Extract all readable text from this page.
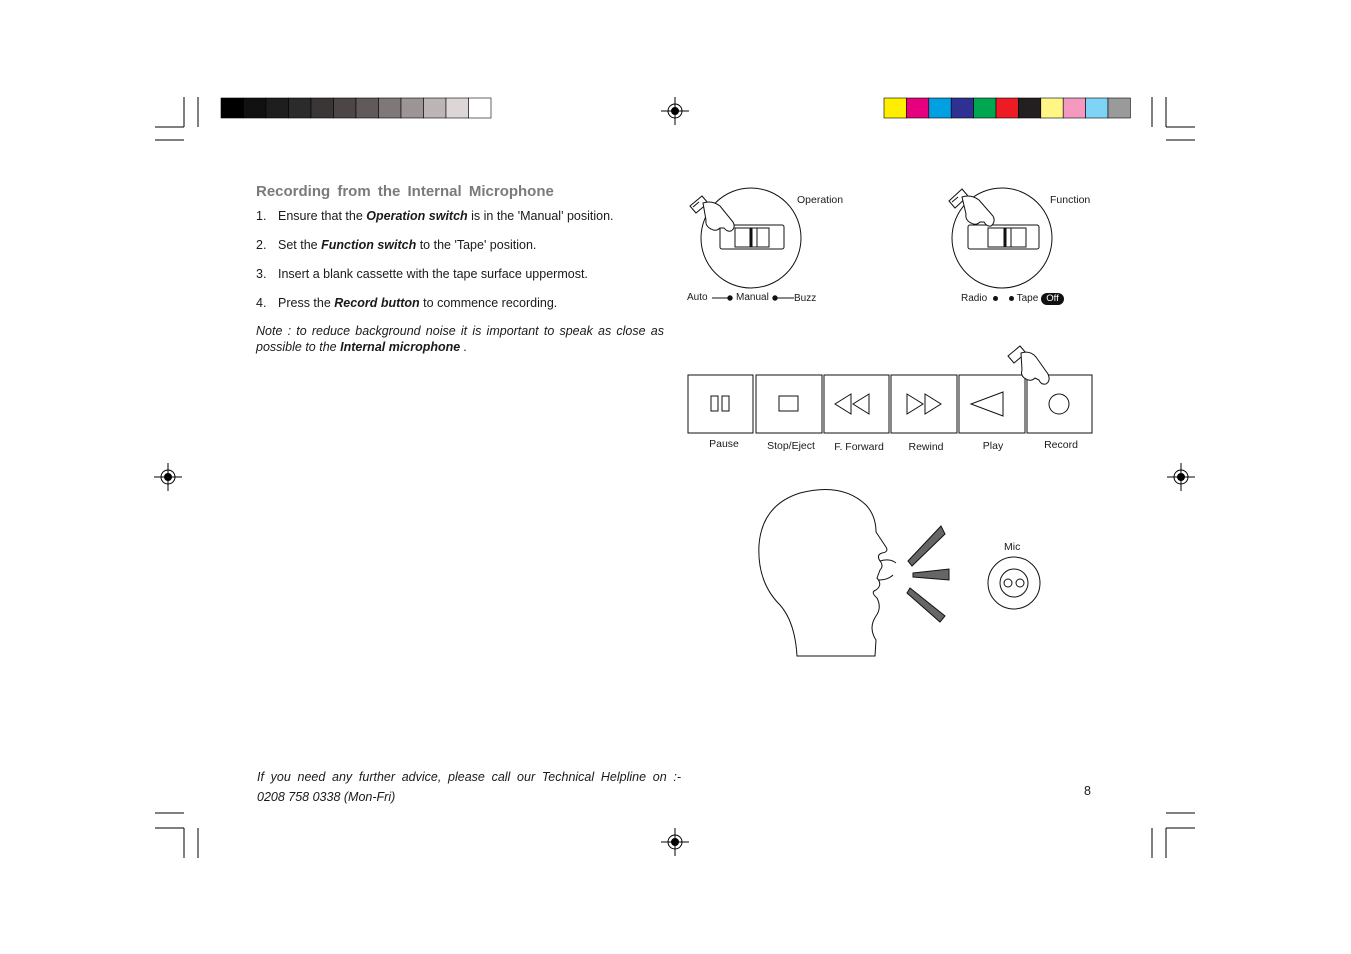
Recording from the Internal Microphone
1. Ensure that the Operation switch is in the 'Manual' position.
2. Set the Function switch to the 'Tape' position.
3. Insert a blank cassette with the tape surface uppermost.
4. Press the Record button to commence recording.
Note : to reduce background noise it is important to speak as close as possible to the Internal microphone .
Operation
Auto	Manual	Buzz
Function
Radio	Tape Off
Pause	Stop/Eject	F. Forward	Rewind	Play	Record
Mic
If you need any further advice, please call our Technical Helpline on :-
0208 758 0338 (Mon-Fri)	8
